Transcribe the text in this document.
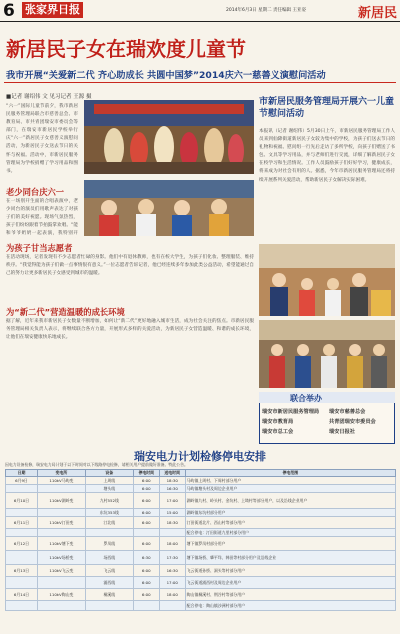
6 张家界日报	2014年6月3日 星期二 责任编辑 王亚姿	新居民
新居民子女在瑞欢度儿童节
我市开展“关爱新二代 齐心助成长 共圆中国梦”2014庆六一慈善义演慰问活动
■记者 谢绍伟 文 见习记者 王源 摄
“六一”国际儿童节前夕，我市新居民服务管理局联合市慈善总会、市教育局、市共青团瑞安市委员会等部门，在瑞安市新居民学校举行庆“六一”新居民子女慈善义演慰问活动，为新居民子女送去节日的关怀与祝福。活动中，市新居民服务管理局为学校捐赠了学习用品和图书。
老少同台庆六一
在一场别开生面的合唱表演中，老少同台的演员们用歌声表达了对孩子们的美好祝愿。现场气氛热烈，孩子们纷纷跟着节拍鼓掌欢唱。“能和爷爷奶奶一起表演，我特别开
为孩子甘当志愿者
在活动现场，记者发现有不少志愿者忙碌的身影。他们中有退休教师，也有在校大学生，为孩子们化妆、整理服装、维持秩序。“我觉得能为孩子们做一点事情很有意义。”一位志愿者告诉记者，他已经连续多年参加此类公益活动，希望能通过自己的努力让更多新居民子女感受到城市的温暖。
为“新二代”营造温暖的成长环境
据了解，近年来我市新居民子女数量不断增加，如何让“新二代”更好地融入城市生活，成为社会关注的焦点。市新居民服务管理局相关负责人表示，将继续联合各方力量，开展形式多样的关爱活动，为新居民子女营造温暖、和谐的成长环境，让他们在瑞安健康快乐地成长。
市新居民服务管理局开展六一儿童节慰问活动
本报讯（记者 谢绍伟）5月30日上午，市新居民服务管理局工作人员来到仙降街道新居民子女较为集中的学校，为孩子们送去节日的礼物和祝福。慰问组一行先后走访了多所学校，向孩子们赠送了书包、文具等学习用品，并与老师们进行交流，详细了解新居民子女在校学习和生活情况。工作人员鼓励孩子们好好学习，健康成长，将来成为对社会有用的人。据悉，今年市新居民服务管理局还将持续开展系列关爱活动，帮助新居民子女解决实际困难。
联合举办
瑞安市新居民服务管理局 瑞安市慈善总会
瑞安市教育局	共青团瑞安市委员会
瑞安市总工会	瑞安日报社
瑞安电力计划检修停电安排
因电力设备检修，瑞安电力局计划于以下时间对以下线路停电检修，请相关用户提前做好准备。特此公告。
日期	变电所	设备	停电时间	送电时间	停电范围
6月9日	110kV马屿变	上周线	6:00	18:30	马屿镇上周村、下周村部分用户
		塘头线	6:00	16:30	马屿镇塘头村及周边企业用户
6月10日	110kV湖岭变	九村552线	6:00	17:00	湖岭镇九村、岭头村、金坑村、上坳村等部分用户，以及沿线企业用户
		东坑353线	6:00	15:00	湖岭镇东坑村部分用户
6月11日	110kV汀田变	汀北线	6:00	18:30	汀田街道北片、西山村等部分用户
					配合停电：汀田街道九里村部分用户
6月12日	110kV塘下变	罗凤线	6:00	18:00	塘下镇罗凤村部分用户
	110kV场桥变	场西线	6:30	17:30	塘下镇场桥、肇平垟、韩田等村部分用户及沿线企业
6月13日	110kV飞云变	飞云线	6:00	16:30	飞云街道孙桥、洞头等村部分用户
		浦西线	6:00	17:00	飞云街道浦西村及周边企业用户
6月14日	110kV陶山变	桐溪线	6:00	18:00	陶山镇桐溪村、荆谷村等部分用户
					配合停电：陶山镇沙洲村部分用户
